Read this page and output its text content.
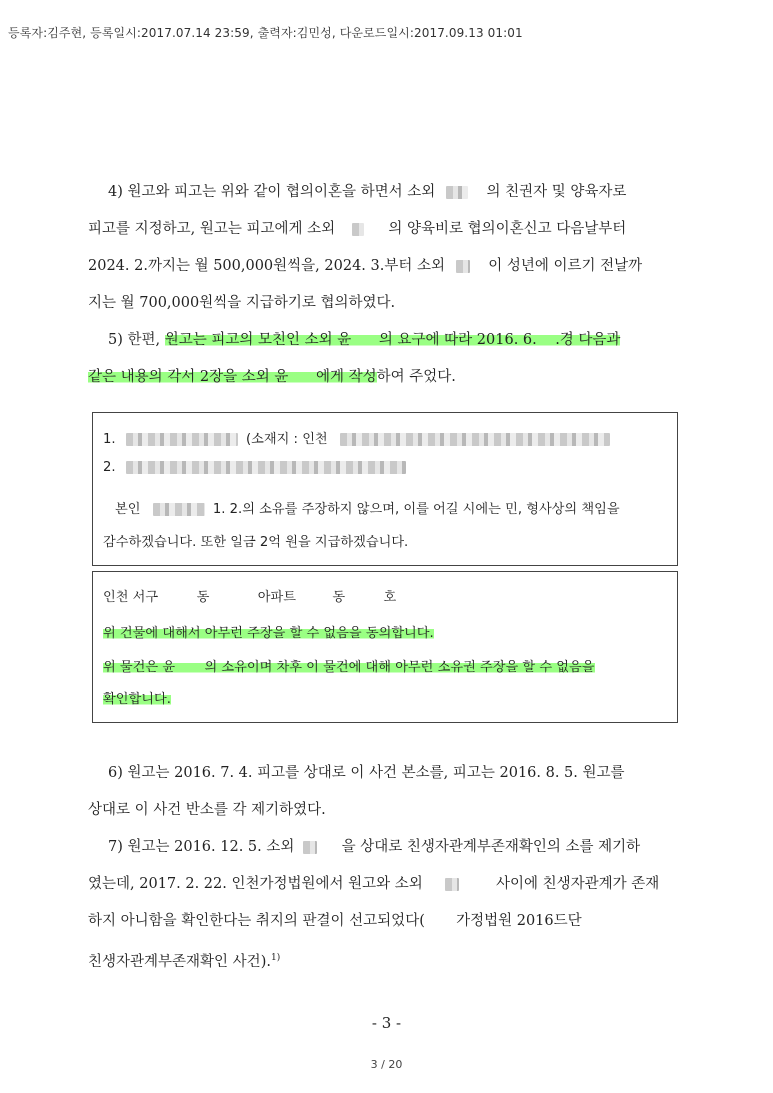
등록자:김주현, 등록일시:2017.07.14 23:59, 출력자:김민성, 다운로드일시:2017.09.13 01:01
4) 원고와 피고는 위와 같이 협의이혼을 하면서 소외	의 친권자 및 양육자로
피고를 지정하고, 원고는 피고에게 소외	의 양육비로 협의이혼신고 다음날부터
2024. 2.까지는 월 500,000원씩을, 2024. 3.부터 소외	이 성년에 이르기 전날까
지는 월 700,000원씩을 지급하기로 협의하였다.
5) 한편, 원고는 피고의 모친인 소외 윤 의 요구에 따라 2016. 6. .경 다음과
같은 내용의 각서 2장을 소외 윤 에게 작성하여 주었다.
1.	(소재지 : 인천
2.
본인	1. 2.의 소유를 주장하지 않으며, 이를 어길 시에는 민, 형사상의 책임을
감수하겠습니다. 또한 일금 2억 원을 지급하겠습니다.
인천 서구	동	아파트	동	호
위 건물에 대해서 아무런 주장을 할 수 없음을 동의합니다.
위 물건은 윤 의 소유이며 차후 이 물건에 대해 아무런 소유권 주장을 할 수 없음을
확인합니다.
6) 원고는 2016. 7. 4. 피고를 상대로 이 사건 본소를, 피고는 2016. 8. 5. 원고를
상대로 이 사건 반소를 각 제기하였다.
7) 원고는 2016. 12. 5. 소외	을 상대로 친생자관계부존재확인의 소를 제기하
였는데, 2017. 2. 22. 인천가정법원에서 원고와 소외	사이에 친생자관계가 존재
하지 아니함을 확인한다는 취지의 판결이 선고되었다( 가정법원 2016드단
친생자관계부존재확인 사건).$^{1)}$
- 3 -
3 / 20
